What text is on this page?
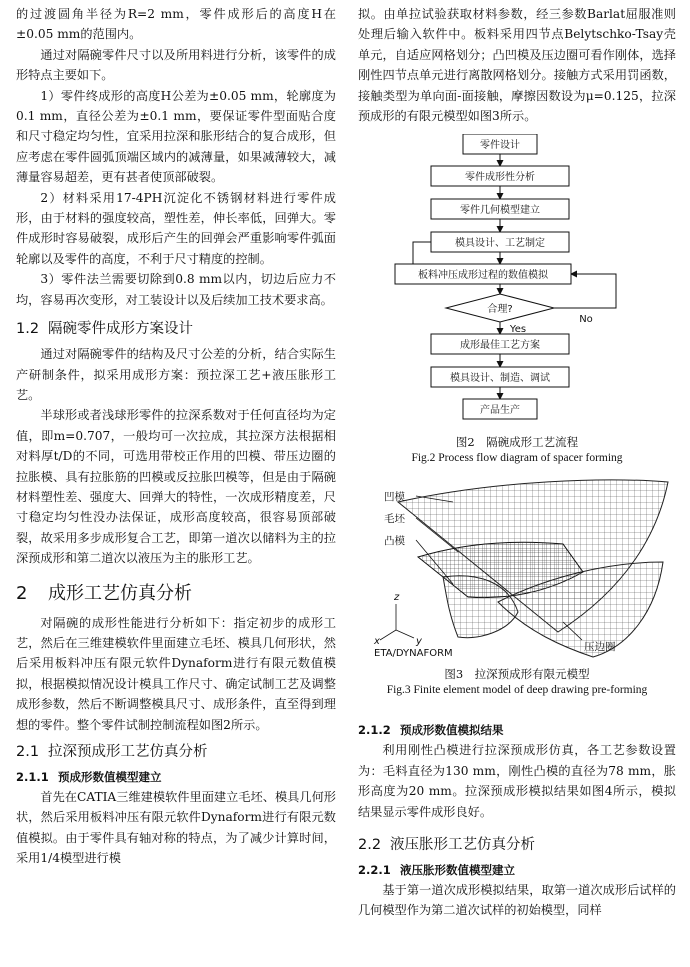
的过渡圆角半径为R=2 mm，零件成形后的高度H在±0.05 mm的范围内。

通过对隔碗零件尺寸以及所用料进行分析，该零件的成形特点主要如下。

1）零件终成形的高度H公差为±0.05 mm，轮廓度为0.1 mm，直径公差为±0.1 mm，要保证零件型面贴合度和尺寸稳定均匀性，宜采用拉深和胀形结合的复合成形，但应考虑在零件圆弧顶端区域内的减薄量，如果减薄较大，减薄量容易超差，更有甚者使顶部破裂。

2）材料采用17-4PH沉淀化不锈钢材料进行零件成形，由于材料的强度较高，塑性差，伸长率低，回弹大。零件成形时容易破裂，成形后产生的回弹会严重影响零件弧面轮廓以及零件的高度，不利于尺寸精度的控制。

3）零件法兰需要切除到0.8 mm以内，切边后应力不均，容易再次变形，对工装设计以及后续加工技术要求高。

1.2 隔碗零件成形方案设计

通过对隔碗零件的结构及尺寸公差的分析，结合实际生产研制条件，拟采用成形方案：预拉深工艺+液压胀形工艺。

半球形或者浅球形零件的拉深系数对于任何直径均为定值，即m=0.707，一般均可一次拉成，其拉深方法根据相对料厚t/D的不同，可选用带校正作用的凹模、带压边圈的拉胀模、具有拉胀筋的凹模或反拉胀凹模等，但是由于隔碗材料塑性差、强度大、回弹大的特性，一次成形精度差，尺寸稳定均匀性没办法保证，成形高度较高，很容易顶部破裂，故采用多步成形复合工艺，即第一道次以储料为主的拉深预成形和第二道次以液压为主的胀形工艺。

2 成形工艺仿真分析

对隔碗的成形性能进行分析如下：指定初步的成形工艺，然后在三维建模软件里面建立毛坯、模具几何形状，然后采用板料冲压有限元软件Dynaform进行有限元数值模拟，根据模拟情况设计模具工作尺寸、确定试制工艺及调整成形参数，然后不断调整模具尺寸、成形条件，直至得到理想的零件。整个零件试制控制流程如图2所示。

2.1 拉深预成形工艺仿真分析
2.1.1 预成形数值模型建立

首先在CATIA三维建模软件里面建立毛坯、模具几何形状，然后采用板料冲压有限元软件Dynaform进行有限元数值模拟。由于零件具有轴对称的特点，为了减少计算时间，采用1/4模型进行模

拟。由单拉试验获取材料参数，经三参数Barlat屈服准则处理后输入软件中。板料采用四节点Belytschko-Tsay壳单元，自适应网格划分；凸凹模及压边圈可看作刚体，选择刚性四节点单元进行离散网格划分。接触方式采用罚函数，接触类型为单向面-面接触，摩擦因数设为μ=0.125，拉深预成形的有限元模型如图3所示。

零件设计
零件成形性分析
零件几何模型建立
模具设计、工艺制定
板料冲压成形过程的数值模拟
合理?
成形最佳工艺方案
模具设计、制造、调试
产品生产
Yes
No

图2　隔碗成形工艺流程

Fig.2 Process flow diagram of spacer forming

凹模
毛坯
凸模
压边圈
z
x	y
ETA/DYNAFORM

图3　拉深预成形有限元模型

Fig.3 Finite element model of deep drawing pre-forming

2.1.2 预成形数值模拟结果

利用刚性凸模进行拉深预成形仿真，各工艺参数设置为：毛料直径为130 mm，刚性凸模的直径为78 mm，胀形高度为20 mm。拉深预成形模拟结果如图4所示，模拟结果显示零件成形良好。

2.2 液压胀形工艺仿真分析
2.2.1 液压胀形数值模型建立

基于第一道次成形模拟结果，取第一道次成形后试样的几何模型作为第二道次试样的初始模型，同样
